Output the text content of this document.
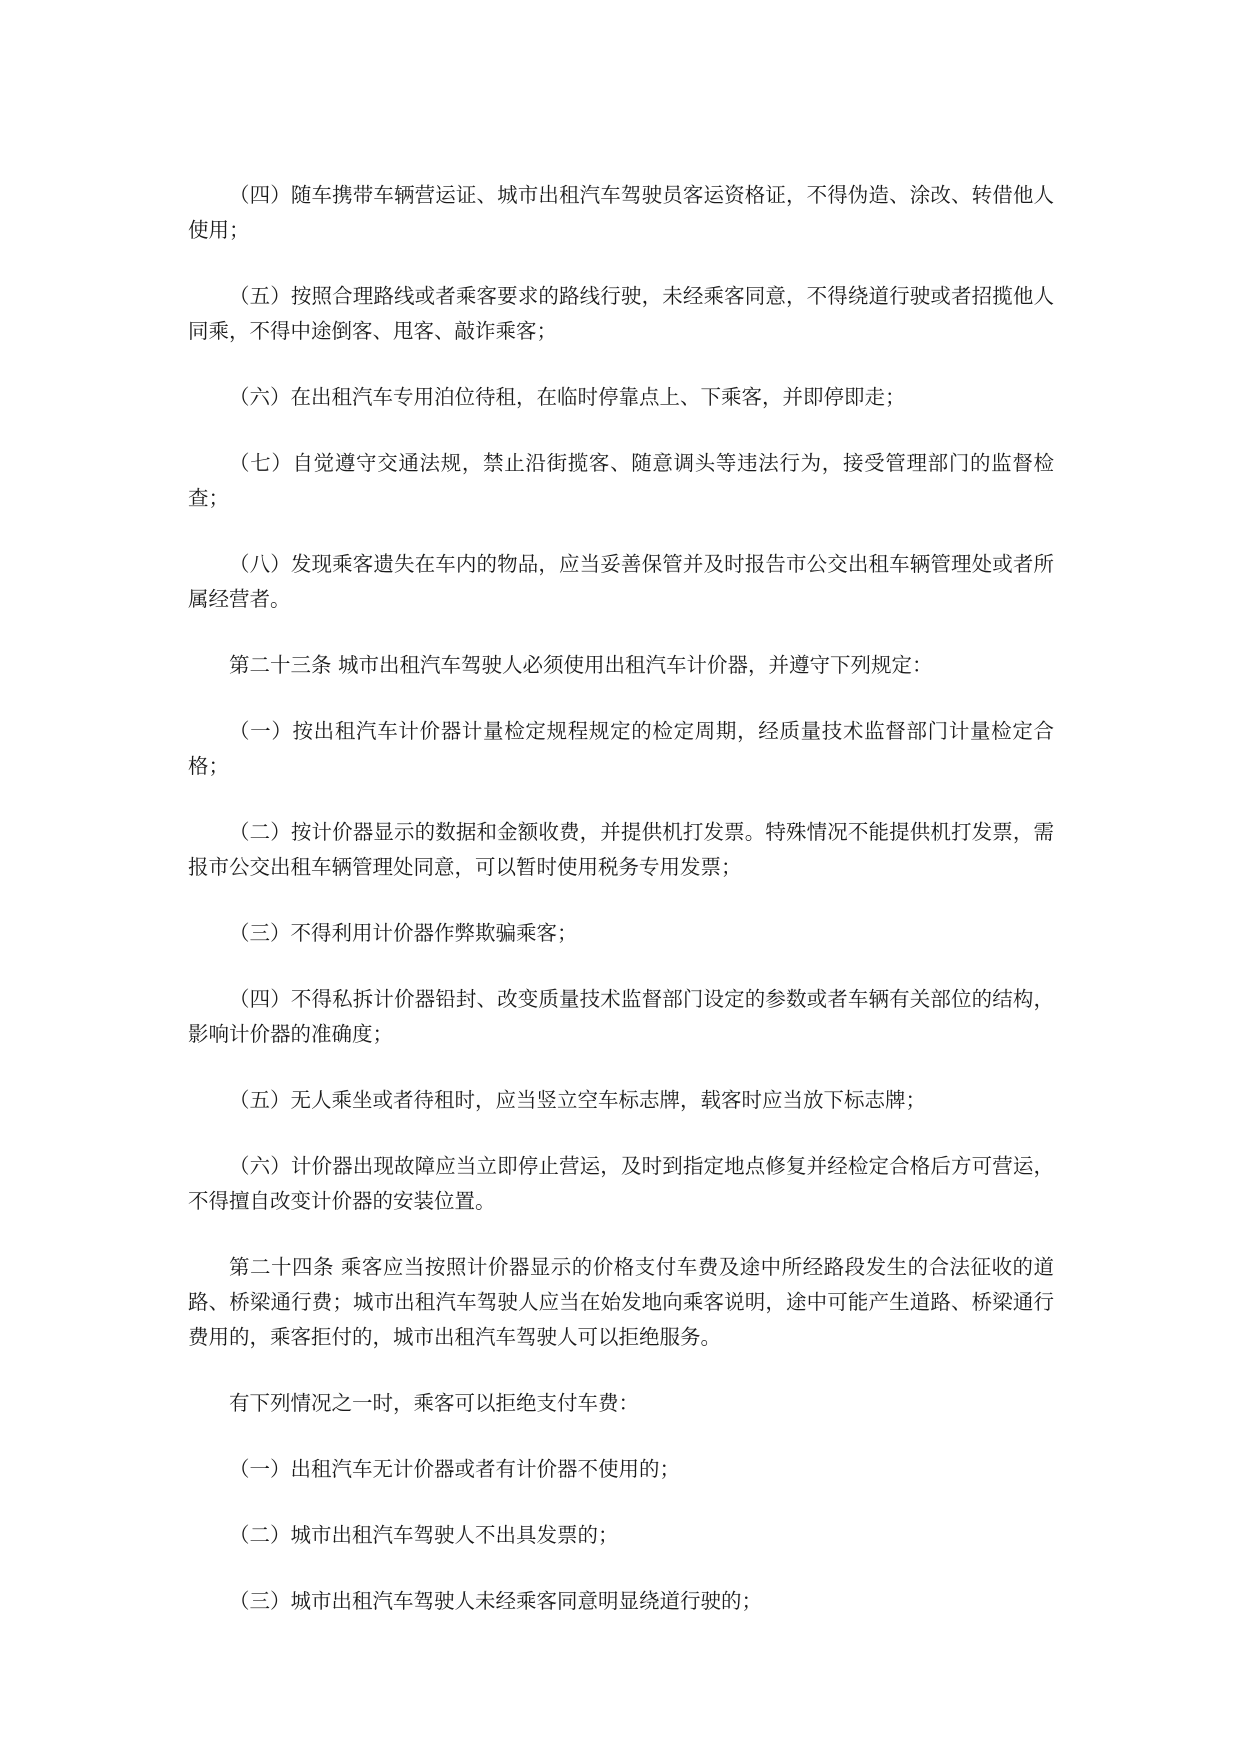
（四）随车携带车辆营运证、城市出租汽车驾驶员客运资格证，不得伪造、涂改、转借他人使用；

（五）按照合理路线或者乘客要求的路线行驶，未经乘客同意，不得绕道行驶或者招揽他人同乘，不得中途倒客、甩客、敲诈乘客；

（六）在出租汽车专用泊位待租，在临时停靠点上、下乘客，并即停即走；

（七）自觉遵守交通法规，禁止沿街揽客、随意调头等违法行为，接受管理部门的监督检查；

（八）发现乘客遗失在车内的物品，应当妥善保管并及时报告市公交出租车辆管理处或者所属经营者。

第二十三条 城市出租汽车驾驶人必须使用出租汽车计价器，并遵守下列规定：

（一）按出租汽车计价器计量检定规程规定的检定周期，经质量技术监督部门计量检定合格；

（二）按计价器显示的数据和金额收费，并提供机打发票。特殊情况不能提供机打发票，需报市公交出租车辆管理处同意，可以暂时使用税务专用发票；

（三）不得利用计价器作弊欺骗乘客；

（四）不得私拆计价器铅封、改变质量技术监督部门设定的参数或者车辆有关部位的结构，影响计价器的准确度；

（五）无人乘坐或者待租时，应当竖立空车标志牌，载客时应当放下标志牌；

（六）计价器出现故障应当立即停止营运，及时到指定地点修复并经检定合格后方可营运，不得擅自改变计价器的安装位置。

第二十四条 乘客应当按照计价器显示的价格支付车费及途中所经路段发生的合法征收的道路、桥梁通行费；城市出租汽车驾驶人应当在始发地向乘客说明，途中可能产生道路、桥梁通行费用的，乘客拒付的，城市出租汽车驾驶人可以拒绝服务。

有下列情况之一时，乘客可以拒绝支付车费：

（一）出租汽车无计价器或者有计价器不使用的；

（二）城市出租汽车驾驶人不出具发票的；

（三）城市出租汽车驾驶人未经乘客同意明显绕道行驶的；
